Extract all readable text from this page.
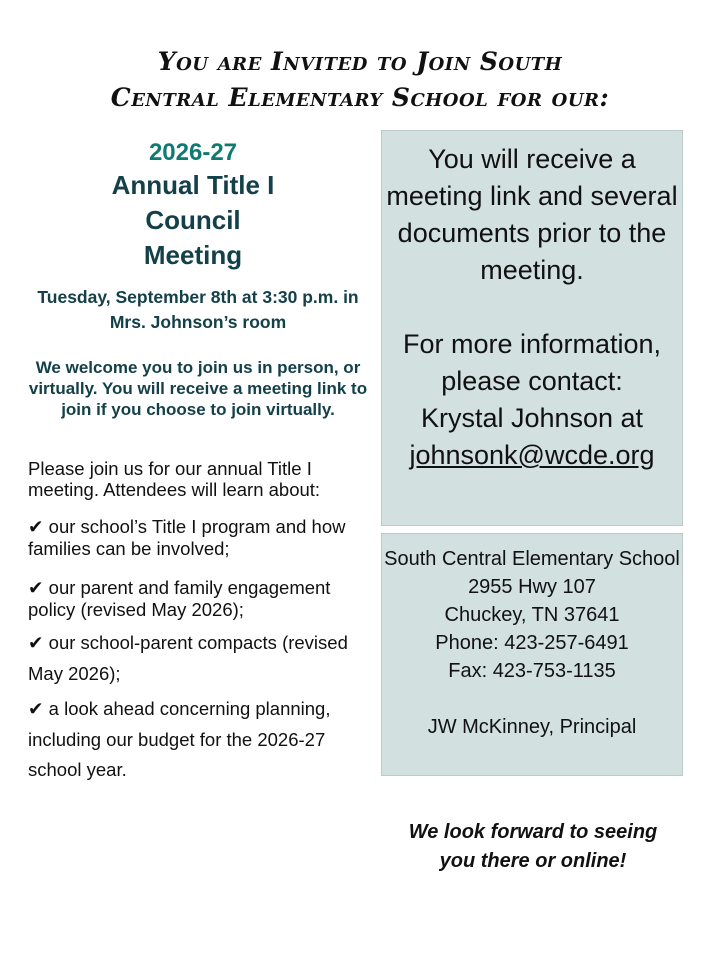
You are Invited to Join South
Central Elementary School for our:
2026-27
Annual Title I
Council
Meeting
Tuesday, September 8th at 3:30 p.m. in Mrs. Johnson’s room
We welcome you to join us in person, or virtually. You will receive a meeting link to join if you choose to join virtually.
Please join us for our annual Title I meeting. Attendees will learn about:
✔ our school’s Title I program and how families can be involved;
✔ our parent and family engagement policy (revised May 2026);
✔ our school-parent compacts (revised May 2026);
✔ a look ahead concerning planning, including our budget for the 2026-27 school year.
You will receive a meeting link and several documents prior to the meeting.
For more information, please contact:
Krystal Johnson at
johnsonk@wcde.org
South Central Elementary School
2955 Hwy 107
Chuckey, TN 37641
Phone: 423-257-6491
Fax: 423-753-1135
JW McKinney, Principal
We look forward to seeing you there or online!
